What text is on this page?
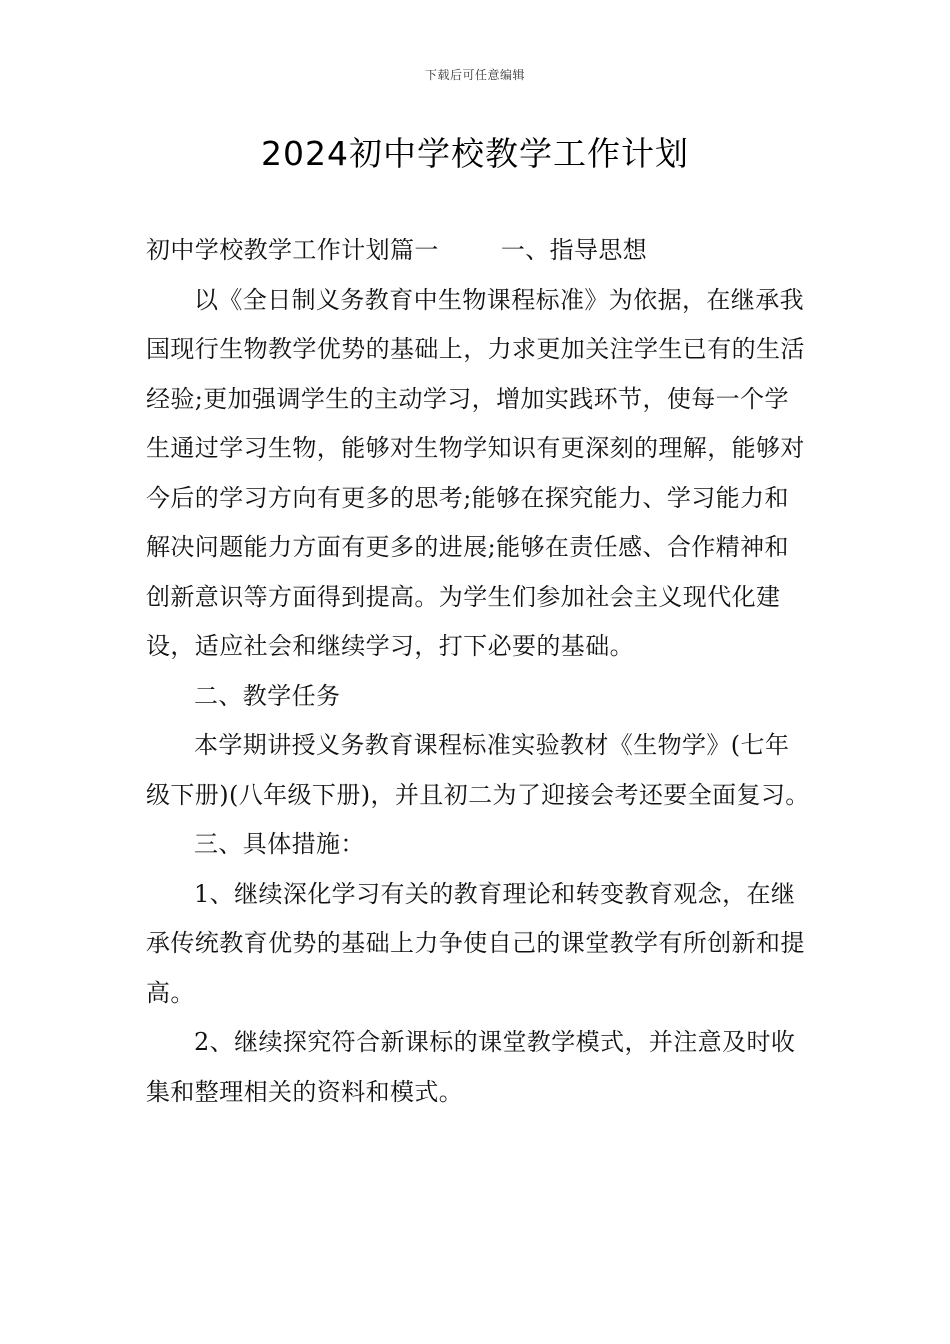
下载后可任意编辑
2024初中学校教学工作计划

初中学校教学工作计划篇一	一、指导思想

以《全日制义务教育中生物课程标准》为依据，在继承我国现行生物教学优势的基础上，力求更加关注学生已有的生活经验;更加强调学生的主动学习，增加实践环节，使每一个学生通过学习生物，能够对生物学知识有更深刻的理解，能够对今后的学习方向有更多的思考;能够在探究能力、学习能力和解决问题能力方面有更多的进展;能够在责任感、合作精神和创新意识等方面得到提高。为学生们参加社会主义现代化建设，适应社会和继续学习，打下必要的基础。

二、教学任务

本学期讲授义务教育课程标准实验教材《生物学》(七年级下册)(八年级下册)，并且初二为了迎接会考还要全面复习。

三、具体措施：

1、继续深化学习有关的教育理论和转变教育观念，在继承传统教育优势的基础上力争使自己的课堂教学有所创新和提高。

2、继续探究符合新课标的课堂教学模式，并注意及时收集和整理相关的资料和模式。
